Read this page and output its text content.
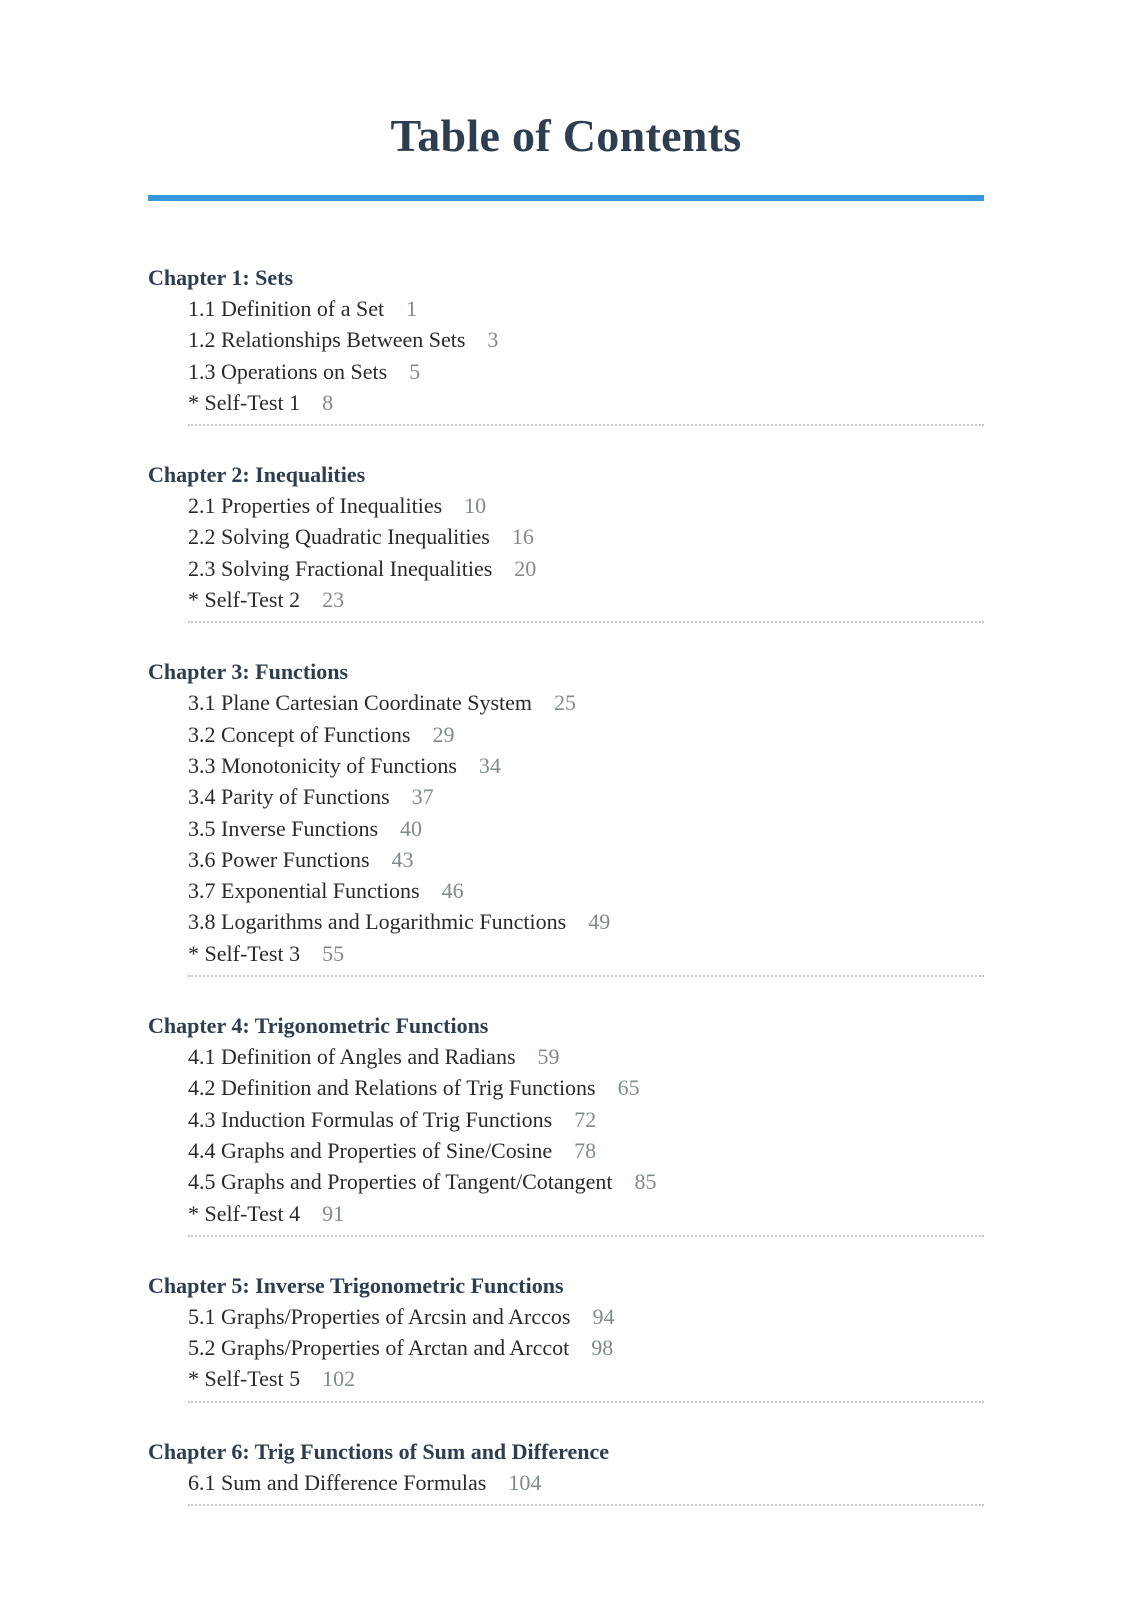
Table of Contents
Chapter 1: Sets
1.1 Definition of a Set 1
1.2 Relationships Between Sets 3
1.3 Operations on Sets 5
* Self-Test 1 8
Chapter 2: Inequalities
2.1 Properties of Inequalities 10
2.2 Solving Quadratic Inequalities 16
2.3 Solving Fractional Inequalities 20
* Self-Test 2 23
Chapter 3: Functions
3.1 Plane Cartesian Coordinate System 25
3.2 Concept of Functions 29
3.3 Monotonicity of Functions 34
3.4 Parity of Functions 37
3.5 Inverse Functions 40
3.6 Power Functions 43
3.7 Exponential Functions 46
3.8 Logarithms and Logarithmic Functions 49
* Self-Test 3 55
Chapter 4: Trigonometric Functions
4.1 Definition of Angles and Radians 59
4.2 Definition and Relations of Trig Functions 65
4.3 Induction Formulas of Trig Functions 72
4.4 Graphs and Properties of Sine/Cosine 78
4.5 Graphs and Properties of Tangent/Cotangent 85
* Self-Test 4 91
Chapter 5: Inverse Trigonometric Functions
5.1 Graphs/Properties of Arcsin and Arccos 94
5.2 Graphs/Properties of Arctan and Arccot 98
* Self-Test 5 102
Chapter 6: Trig Functions of Sum and Difference
6.1 Sum and Difference Formulas 104
